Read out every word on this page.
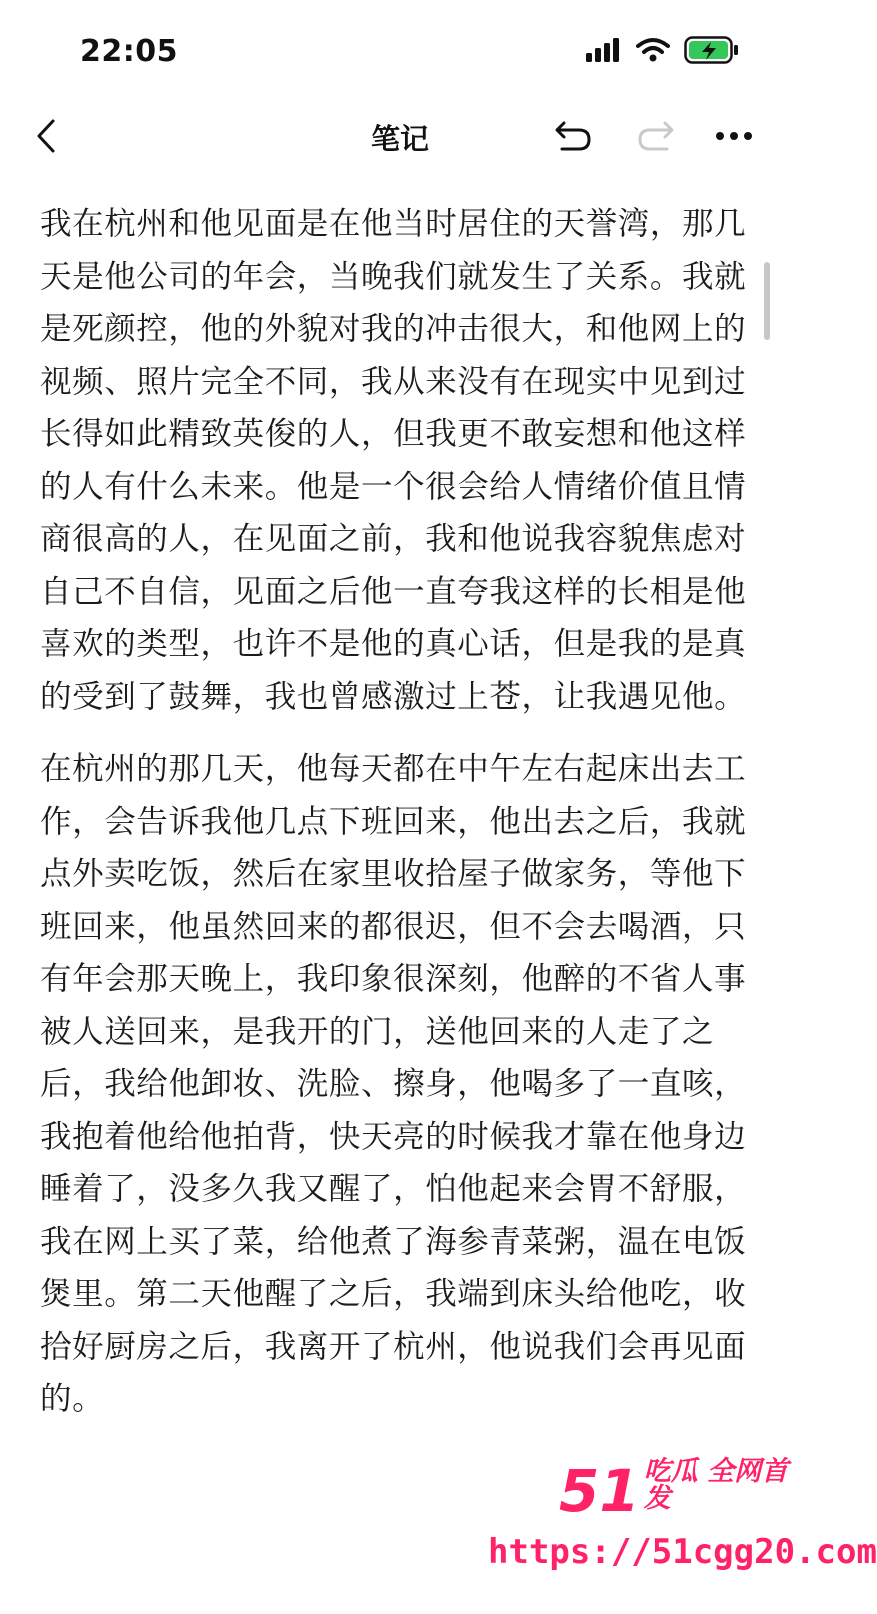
22:05
笔记

我在杭州和他见面是在他当时居住的天誉湾，那几天是他公司的年会，当晚我们就发生了关系。我就是死颜控，他的外貌对我的冲击很大，和他网上的视频、照片完全不同，我从来没有在现实中见到过长得如此精致英俊的人，但我更不敢妄想和他这样的人有什么未来。他是一个很会给人情绪价值且情商很高的人，在见面之前，我和他说我容貌焦虑对自己不自信，见面之后他一直夸我这样的长相是他喜欢的类型，也许不是他的真心话，但是我的是真的受到了鼓舞，我也曾感激过上苍，让我遇见他。

在杭州的那几天，他每天都在中午左右起床出去工作，会告诉我他几点下班回来，他出去之后，我就点外卖吃饭，然后在家里收拾屋子做家务，等他下班回来，他虽然回来的都很迟，但不会去喝酒，只有年会那天晚上，我印象很深刻，他醉的不省人事被人送回来，是我开的门，送他回来的人走了之后，我给他卸妆、洗脸、擦身，他喝多了一直咳，我抱着他给他拍背，快天亮的时候我才靠在他身边睡着了，没多久我又醒了，怕他起来会胃不舒服，我在网上买了菜，给他煮了海参青菜粥，温在电饭煲里。第二天他醒了之后，我端到床头给他吃，收拾好厨房之后，我离开了杭州，他说我们会再见面的。

51 吃瓜 全网首发
https://51cgg20.com
